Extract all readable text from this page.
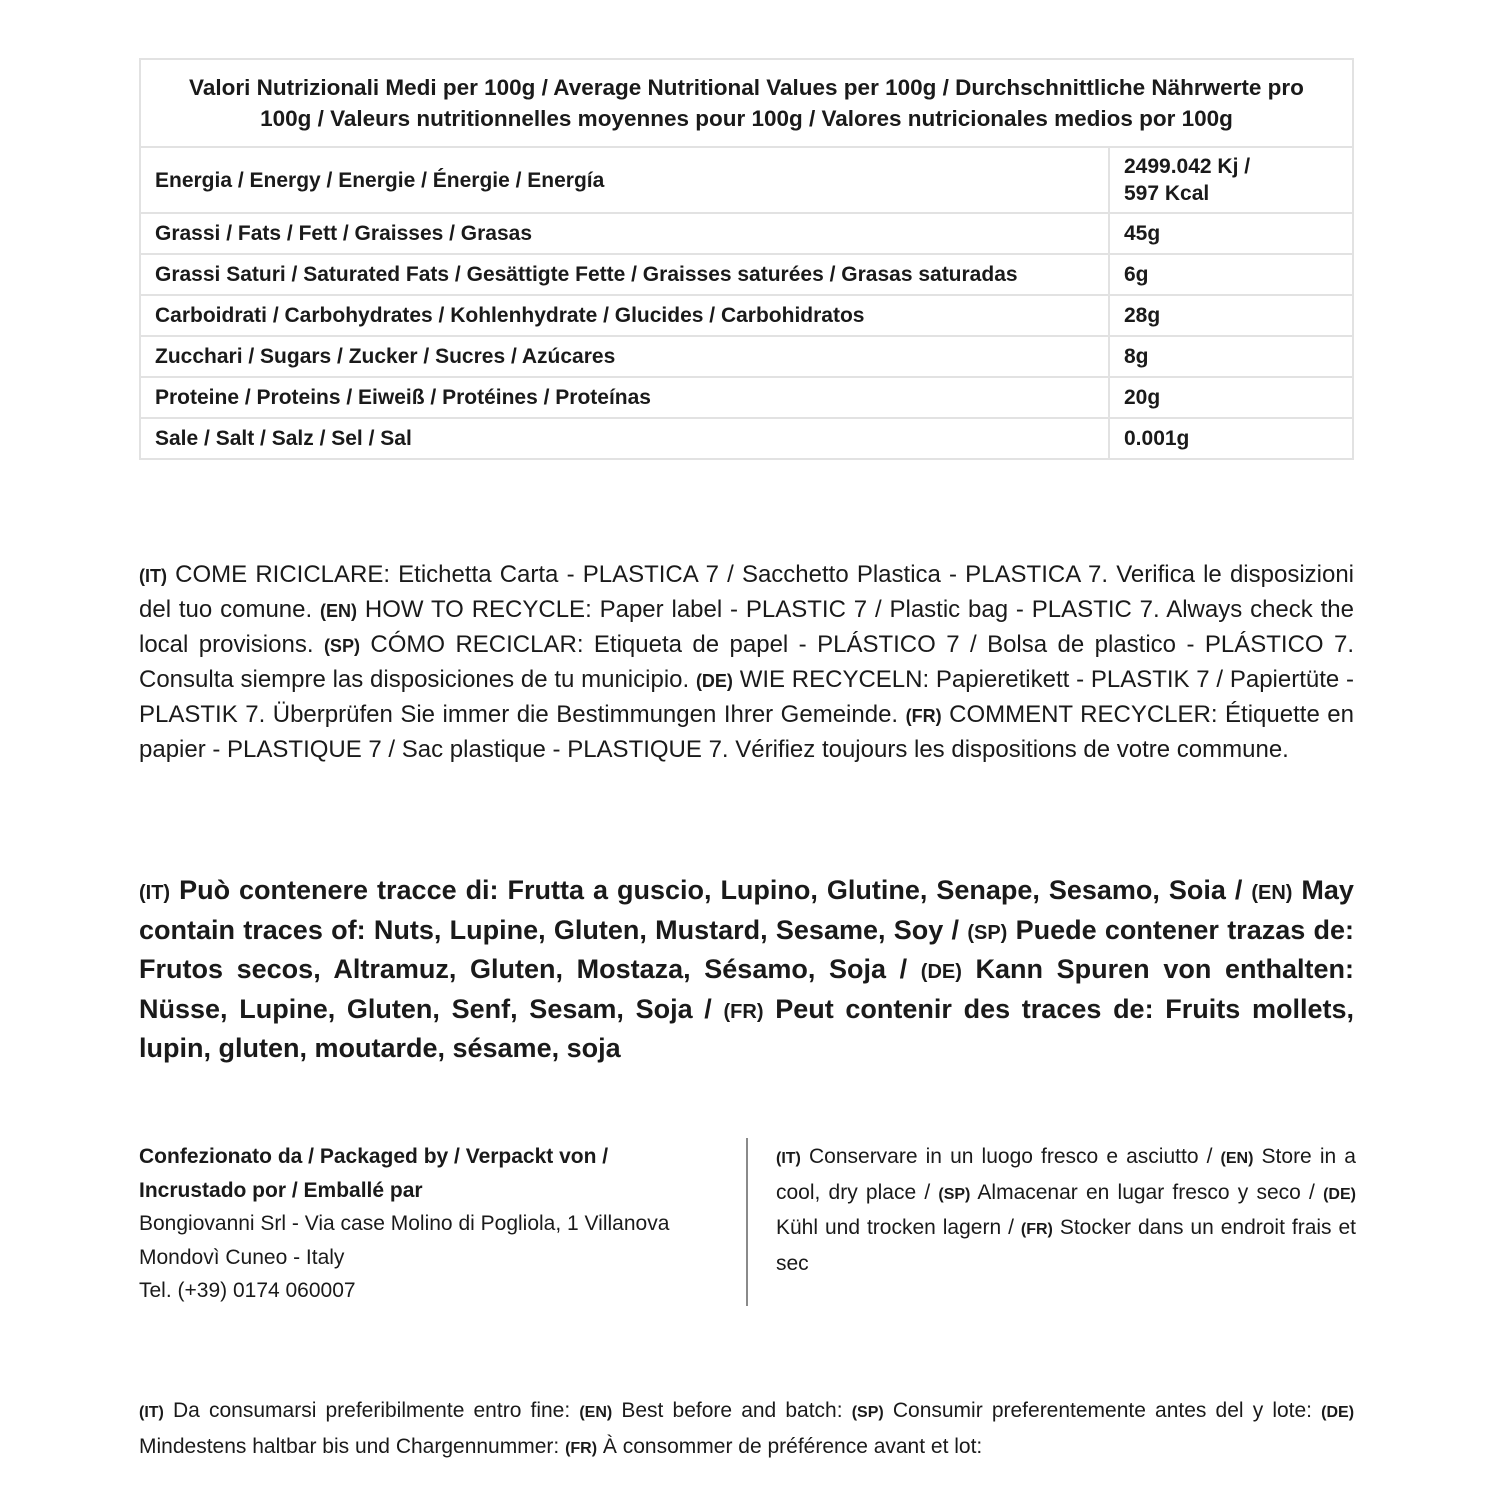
Valori Nutrizionali Medi per 100g / Average Nutritional Values per 100g / Durchschnittliche Nährwerte pro 100g / Valeurs nutritionnelles moyennes pour 100g / Valores nutricionales medios por 100g	
Energia / Energy / Energie / Énergie / Energía	2499.042 Kj /
597 Kcal

Grassi / Fats / Fett / Graisses / Grasas	45g
Grassi Saturi / Saturated Fats / Gesättigte Fette / Graisses saturées / Grasas saturadas	6g
Carboidrati / Carbohydrates / Kohlenhydrate / Glucides / Carbohidratos	28g
Zucchari / Sugars / Zucker / Sucres / Azúcares	8g
Proteine / Proteins / Eiweiß / Protéines / Proteínas	20g
Sale / Salt / Salz / Sel / Sal	0.001g

(IT) COME RICICLARE: Etichetta Carta - PLASTICA 7 / Sacchetto Plastica - PLASTICA 7. Verifica le disposizioni del tuo comune. (EN) HOW TO RECYCLE: Paper label - PLASTIC 7 / Plastic bag - PLASTIC 7. Always check the local provisions. (SP) CÓMO RECICLAR: Etiqueta de papel - PLÁSTICO 7 / Bolsa de plastico - PLÁSTICO 7. Consulta siempre las disposiciones de tu municipio. (DE) WIE RECYCELN: Papieretikett - PLASTIK 7 / Papiertüte - PLASTIK 7. Überprüfen Sie immer die Bestimmungen Ihrer Gemeinde. (FR) COMMENT RECYCLER: Étiquette en papier - PLASTIQUE 7 / Sac plastique - PLASTIQUE 7. Vérifiez toujours les dispositions de votre commune.

(IT) Può contenere tracce di: Frutta a guscio, Lupino, Glutine, Senape, Sesamo, Soia / (EN) May contain traces of: Nuts, Lupine, Gluten, Mustard, Sesame, Soy / (SP) Puede contener trazas de: Frutos secos, Altramuz, Gluten, Mostaza, Sésamo, Soja / (DE) Kann Spuren von enthalten: Nüsse, Lupine, Gluten, Senf, Sesam, Soja / (FR) Peut contenir des traces de: Fruits mollets, lupin, gluten, moutarde, sésame, soja

Confezionato da / Packaged by / Verpackt von /
Incrustado por / Emballé par
Bongiovanni Srl - Via case Molino di Pogliola, 1 Villanova
Mondovì Cuneo - Italy
Tel. (+39) 0174 060007

(IT) Conservare in un luogo fresco e asciutto / (EN) Store in a cool, dry place / (SP) Almacenar en lugar fresco y seco / (DE) Kühl und trocken lagern / (FR) Stocker dans un endroit frais et sec

(IT) Da consumarsi preferibilmente entro fine: (EN) Best before and batch: (SP) Consumir preferentemente antes del y lote: (DE) Mindestens haltbar bis und Chargennummer: (FR) À consommer de préférence avant et lot:
